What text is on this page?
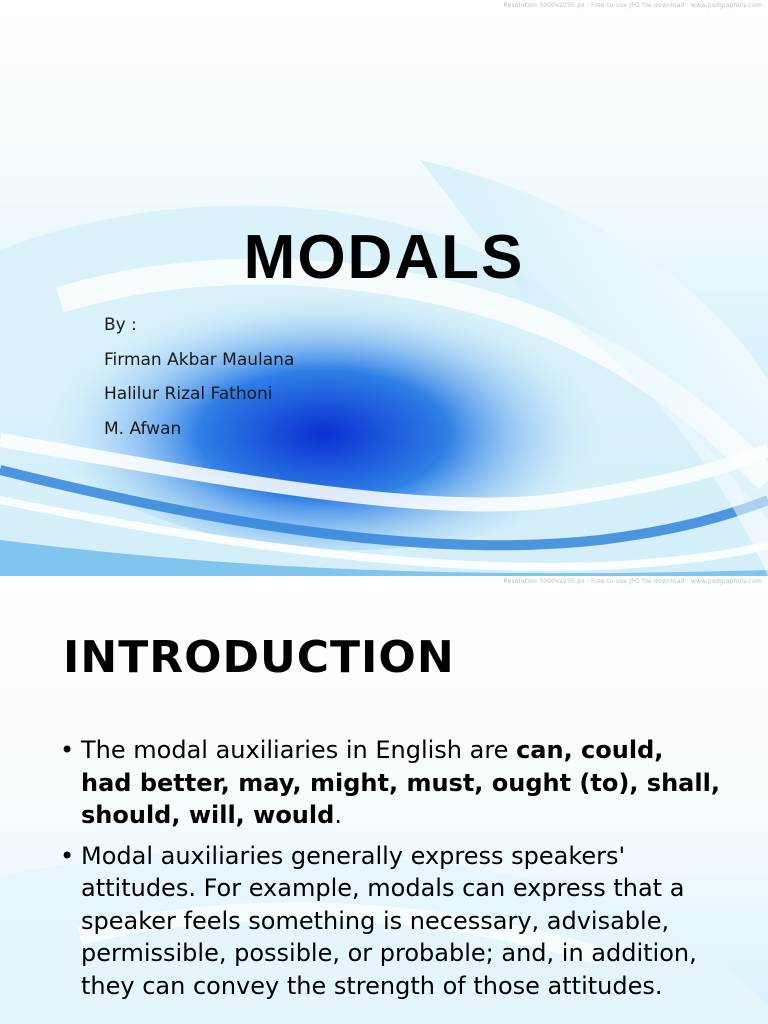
Resolution 3000x2250 px · Free-to-use JPG file download · www.psdgraphics.com
MODALS
By :
Firman Akbar Maulana
Halilur Rizal Fathoni
M. Afwan
Resolution 3000x2250 px · Free-to-use JPG file download · www.psdgraphics.com
INTRODUCTION
• The modal auxiliaries in English are can, could, had better, may, might, must, ought (to), shall, should, will, would.
• Modal auxiliaries generally express speakers' attitudes. For example, modals can express that a speaker feels something is necessary, advisable, permissible, possible, or probable; and, in addition, they can convey the strength of those attitudes.
